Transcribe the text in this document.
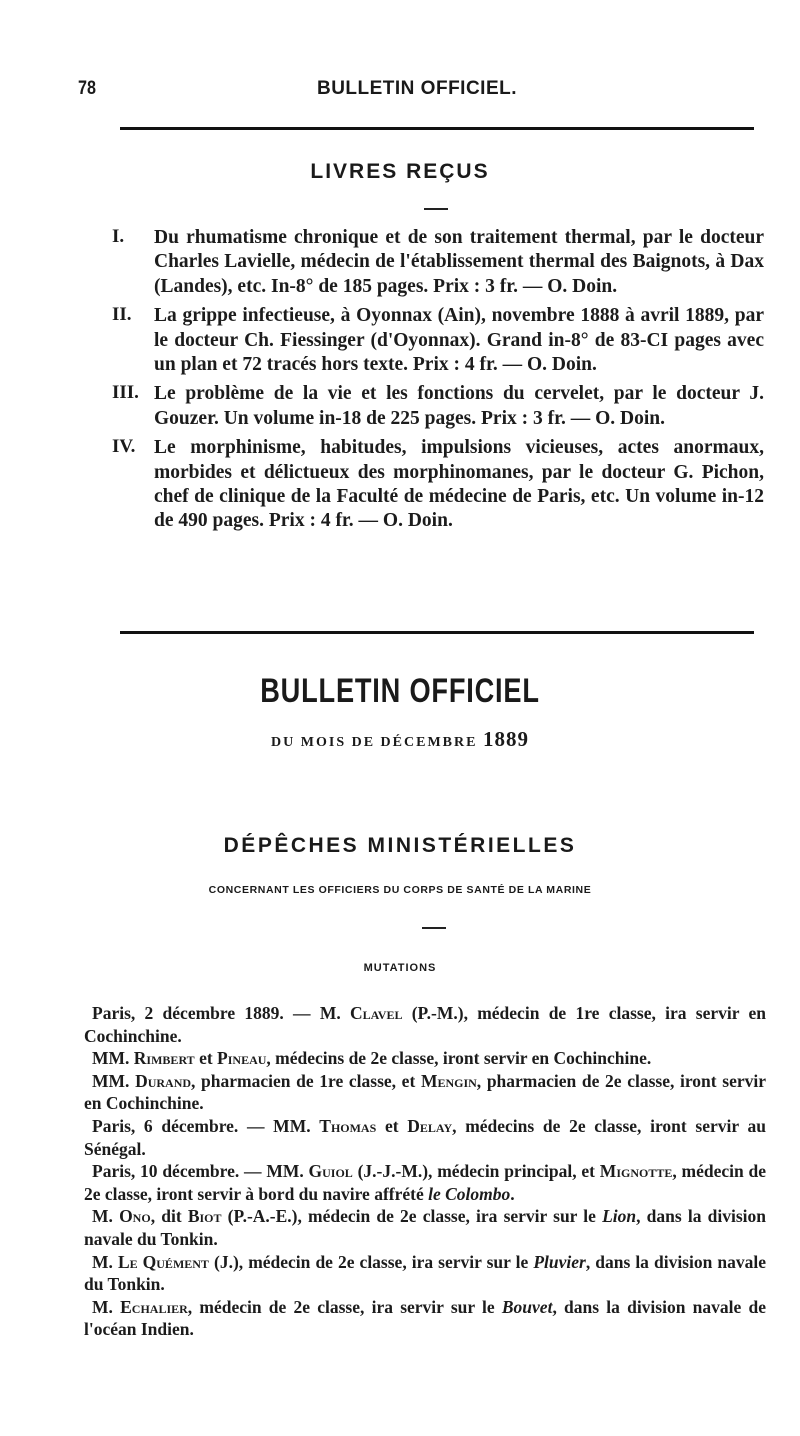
78	BULLETIN OFFICIEL.
LIVRES REÇUS
I.	Du rhumatisme chronique et de son traitement thermal, par le docteur Charles Lavielle, médecin de l'établissement thermal des Baignots, à Dax (Landes), etc. In-8° de 185 pages. Prix : 3 fr. — O. Doin.
II.	La grippe infectieuse, à Oyonnax (Ain), novembre 1888 à avril 1889, par le docteur Ch. Fiessinger (d'Oyonnax). Grand in-8° de 83-CI pages avec un plan et 72 tracés hors texte. Prix : 4 fr. — O. Doin.
III. Le problème de la vie et les fonctions du cervelet, par le docteur J. Gouzer. Un volume in-18 de 225 pages. Prix : 3 fr. — O. Doin.
IV. Le morphinisme, habitudes, impulsions vicieuses, actes anormaux, morbides et délictueux des morphinomanes, par le docteur G. Pichon, chef de clinique de la Faculté de médecine de Paris, etc. Un volume in-12 de 490 pages. Prix : 4 fr. — O. Doin.
BULLETIN OFFICIEL
DU MOIS DE DÉCEMBRE 1889
DÉPÊCHES MINISTÉRIELLES
CONCERNANT LES OFFICIERS DU CORPS DE SANTÉ DE LA MARINE
MUTATIONS

Paris, 2 décembre 1889. — M. Clavel (P.-M.), médecin de 1re classe, ira servir en Cochinchine.

MM. Rimbert et Pineau, médecins de 2e classe, iront servir en Cochinchine.

MM. Durand, pharmacien de 1re classe, et Mengin, pharmacien de 2e classe, iront servir en Cochinchine.

Paris, 6 décembre. — MM. Thomas et Delay, médecins de 2e classe, iront servir au Sénégal.

Paris, 10 décembre. — MM. Guiol (J.-J.-M.), médecin principal, et Mignotte, médecin de 2e classe, iront servir à bord du navire affrété le Colombo.

M. Ono, dit Biot (P.-A.-E.), médecin de 2e classe, ira servir sur le Lion, dans la division navale du Tonkin.

M. Le Quément (J.), médecin de 2e classe, ira servir sur le Pluvier, dans la division navale du Tonkin.

M. Echalier, médecin de 2e classe, ira servir sur le Bouvet, dans la division navale de l'océan Indien.
